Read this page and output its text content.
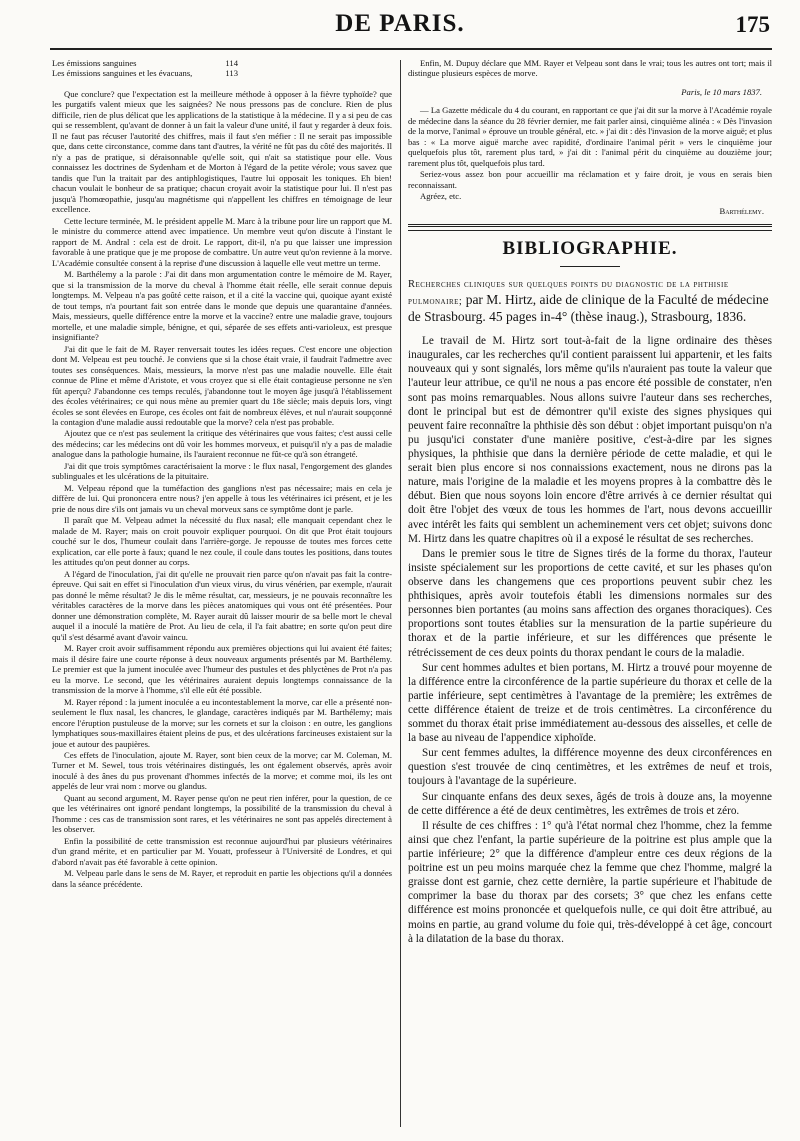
DE PARIS.	175
Les émissions sanguines	114
Les émissions sanguines et les évacuans,	113

Que conclure? que l'expectation est la meilleure méthode à opposer à la fièvre typhoïde? que les purgatifs valent mieux que les saignées? Ne nous pressons pas de conclure. Rien de plus difficile, rien de plus délicat que les applications de la statistique à la médecine. Il y a si peu de cas qui se ressemblent, qu'avant de donner à un fait la valeur d'une unité, il faut y regarder à deux fois. Il ne faut pas récuser l'autorité des chiffres, mais il faut s'en méfier : Il ne serait pas impossible que, dans cette circonstance, comme dans tant d'autres, la vérité ne fût pas du côté des majorités. Il n'y a pas de pratique, si déraisonnable qu'elle soit, qui n'ait sa statistique pour elle. Vous connaissez les doctrines de Sydenham et de Morton à l'égard de la petite vérole; vous savez que tandis que l'un la traitait par des antiphlogistiques, l'autre lui opposait les toniques. Eh bien! chacun voulait le bonheur de sa pratique; chacun croyait avoir la statistique pour lui. Il n'est pas jusqu'à l'homœopathie, jusqu'au magnétisme qui n'appellent les chiffres en témoignage de leur excellence.

Cette lecture terminée, M. le président appelle M. Marc à la tribune pour lire un rapport que M. le ministre du commerce attend avec impatience. Un membre veut qu'on discute à l'instant le rapport de M. Andral : cela est de droit. Le rapport, dit-il, n'a pu que laisser une impression favorable à une pratique que je me propose de combattre. Un autre veut qu'on revienne à la morve. L'Académie consultée consent à la reprise d'une discussion à laquelle elle veut mettre un terme.

M. Barthélemy a la parole : J'ai dit dans mon argumentation contre le mémoire de M. Rayer, que si la transmission de la morve du cheval à l'homme était réelle, elle serait connue depuis longtemps. M. Velpeau n'a pas goûté cette raison, et il a cité la vaccine qui, quoique ayant existé de tout temps, n'a pourtant fait son entrée dans le monde que depuis une quarantaine d'années. Mais, messieurs, quelle différence entre la morve et la vaccine? entre une maladie grave, toujours mortelle, et une maladie simple, bénigne, et qui, séparée de ses effets anti-varioleux, est presque insignifiante?

J'ai dit que le fait de M. Rayer renversait toutes les idées reçues. C'est encore une objection dont M. Velpeau est peu touché. Je conviens que si la chose était vraie, il faudrait l'admettre avec toutes ses conséquences. Mais, messieurs, la morve n'est pas une maladie nouvelle. Elle était connue de Pline et même d'Aristote, et vous croyez que si elle était contagieuse personne ne s'en fût aperçu? J'abandonne ces temps reculés, j'abandonne tout le moyen âge jusqu'à l'établissement des écoles vétérinaires; ce qui nous mène au premier quart du 18e siècle; mais depuis lors, vingt écoles se sont élevées en Europe, ces écoles ont fait de nombreux élèves, et nul n'aurait soupçonné la contagion d'une maladie aussi redoutable que la morve? cela n'est pas probable.

Ajoutez que ce n'est pas seulement la critique des vétérinaires que vous faites; c'est aussi celle des médecins; car les médecins ont dû voir les hommes morveux, et puisqu'il n'y a pas de maladie analogue dans la pathologie humaine, ils l'auraient reconnue ne fût-ce qu'à son étrangeté.

J'ai dit que trois symptômes caractérisaient la morve : le flux nasal, l'engorgement des glandes sublinguales et les ulcérations de la pituitaire.

M. Velpeau répond que la tuméfaction des ganglions n'est pas nécessaire; mais en cela je diffère de lui. Qui prononcera entre nous? j'en appelle à tous les vétérinaires ici présent, et je les prie de nous dire s'ils ont jamais vu un cheval morveux sans ce symptôme dont je parle.

Il paraît que M. Velpeau admet la nécessité du flux nasal; elle manquait cependant chez le malade de M. Rayer; mais on croit pouvoir expliquer pourquoi. On dit que Prot était toujours couché sur le dos, l'humeur coulait dans l'arrière-gorge. Je repousse de toutes mes forces cette explication, car elle porte à faux; quand le nez coule, il coule dans toutes les positions, dans toutes les attitudes qu'on peut donner au corps.

A l'égard de l'inoculation, j'ai dit qu'elle ne prouvait rien parce qu'on n'avait pas fait la contre-épreuve. Qui sait en effet si l'inoculation d'un vieux virus, du virus vénérien, par exemple, n'aurait pas donné le même résultat? Je dis le même résultat, car, messieurs, je ne pouvais reconnaître les véritables caractères de la morve dans les pièces anatomiques qui vous ont été présentées. Pour donner une démonstration complète, M. Rayer aurait dû laisser mourir de sa belle mort le cheval auquel il a inoculé la matière de Prot. Au lieu de cela, il l'a fait abattre; en sorte qu'on peut dire qu'il s'est désarmé avant d'avoir vaincu.

M. Rayer croit avoir suffisamment répondu aux premières objections qui lui avaient été faites; mais il désire faire une courte réponse à deux nouveaux arguments présentés par M. Barthélemy. Le premier est que la jument inoculée avec l'humeur des pustules et des phlyctènes de Prot n'a pas eu la morve. Le second, que les vétérinaires auraient depuis longtemps connaissance de la transmission de la morve à l'homme, s'il elle eût été possible.

M. Rayer répond : la jument inoculée a eu incontestablement la morve, car elle a présenté non-seulement le flux nasal, les chancres, le glandage, caractères indiqués par M. Barthélemy; mais encore l'éruption pustuleuse de la morve; sur les cornets et sur la cloison : en outre, les ganglions lymphatiques sous-maxillaires étaient pleins de pus, et des ulcérations farcineuses existaient sur la joue et autour des paupières.

Ces effets de l'inoculation, ajoute M. Rayer, sont bien ceux de la morve; car M. Coleman, M. Turner et M. Sewel, tous trois vétérinaires distingués, les ont également observés, après avoir inoculé à des ânes du pus provenant d'hommes infectés de la morve; et comme moi, ils les ont appelés de leur vrai nom : morve ou glandus.

Quant au second argument, M. Rayer pense qu'on ne peut rien inférer, pour la question, de ce que les vétérinaires ont ignoré pendant longtemps, la possibilité de la transmission du cheval à l'homme : ces cas de transmission sont rares, et les vétérinaires ne sont pas appelés directement à les observer.

Enfin la possibilité de cette transmission est reconnue aujourd'hui par plusieurs vétérinaires d'un grand mérite, et en particulier par M. Youatt, professeur à l'Université de Londres, et qui d'abord n'avait pas été favorable à cette opinion.

M. Velpeau parle dans le sens de M. Rayer, et reproduit en partie les objections qu'il a données dans la séance précédente.

Enfin, M. Dupuy déclare que MM. Rayer et Velpeau sont dans le vrai; tous les autres ont tort; mais il distingue plusieurs espèces de morve.

Paris, le 10 mars 1837.

— La Gazette médicale du 4 du courant, en rapportant ce que j'ai dit sur la morve à l'Académie royale de médecine dans la séance du 28 février dernier, me fait parler ainsi, cinquième alinéa : « Dès l'invasion de la morve, l'animal » éprouve un trouble général, etc. » j'ai dit : dès l'invasion de la morve aiguë; et plus bas : « La morve aiguë marche avec rapidité, d'ordinaire l'animal périt » vers le cinquième jour quelquefois plus tôt, rarement plus tard, » j'ai dit : l'animal périt du cinquième au douzième jour; rarement plus tôt, quelquefois plus tard.

Seriez-vous assez bon pour accueillir ma réclamation et y faire droit, je vous en serais bien reconnaissant.

Agréez, etc.

Barthélemy.
BIBLIOGRAPHIE.
Recherches cliniques sur quelques points du diagnostic de la phthisie pulmonaire; par M. Hirtz, aide de clinique de la Faculté de médecine de Strasbourg. 45 pages in-4° (thèse inaug.), Strasbourg, 1836.

Le travail de M. Hirtz sort tout-à-fait de la ligne ordinaire des thèses inaugurales, car les recherches qu'il contient paraissent lui appartenir, et les faits nouveaux qui y sont signalés, lors même qu'ils n'auraient pas toute la valeur que l'auteur leur attribue, ce qu'il ne nous a pas encore été possible de constater, n'en sont pas moins remarquables. Nous allons suivre l'auteur dans ses recherches, dont le principal but est de démontrer qu'il existe des signes physiques qui peuvent faire reconnaître la phthisie dès son début : objet important puisqu'on n'a pu jusqu'ici constater d'une manière positive, c'est-à-dire par les signes physiques, la phthisie que dans la dernière période de cette maladie, et qui le serait bien plus encore si nos connaissions exactement, nous ne dirons pas la nature, mais l'origine de la maladie et les moyens propres à la combattre dès le début. Bien que nous soyons loin encore d'être arrivés à ce dernier résultat qui doit être l'objet des vœux de tous les hommes de l'art, nous devons accueillir avec intérêt les faits qui semblent un acheminement vers cet objet; suivons donc M. Hirtz dans les quatre chapitres où il a exposé le résultat de ses recherches.

Dans le premier sous le titre de Signes tirés de la forme du thorax, l'auteur insiste spécialement sur les proportions de cette cavité, et sur les phases qu'on observe dans les changemens que ces proportions peuvent subir chez les phthisiques, après avoir toutefois établi les dimensions normales sur des personnes bien portantes (au moins sans affection des organes thoraciques). Ces proportions sont toutes établies sur la mensuration de la partie supérieure du thorax et de la partie inférieure, et sur les différences que présente le rétrécissement de ces deux points du thorax pendant le cours de la maladie.

Sur cent hommes adultes et bien portans, M. Hirtz a trouvé pour moyenne de la différence entre la circonférence de la partie supérieure du thorax et celle de la partie inférieure, sept centimètres à l'avantage de la première; les extrêmes de cette différence étaient de treize et de trois centimètres. La circonférence du sommet du thorax était prise immédiatement au-dessous des aisselles, et celle de la base au niveau de l'appendice xiphoïde.

Sur cent femmes adultes, la différence moyenne des deux circonférences en question s'est trouvée de cinq centimètres, et les extrêmes de neuf et trois, toujours à l'avantage de la supérieure.

Sur cinquante enfans des deux sexes, âgés de trois à douze ans, la moyenne de cette différence a été de deux centimètres, les extrêmes de trois et zéro.

Il résulte de ces chiffres : 1° qu'à l'état normal chez l'homme, chez la femme ainsi que chez l'enfant, la partie supérieure de la poitrine est plus ample que la partie inférieure; 2° que la différence d'ampleur entre ces deux régions de la poitrine est un peu moins marquée chez la femme que chez l'homme, malgré la graisse dont est garnie, chez cette dernière, la partie supérieure et l'habitude de comprimer la base du thorax par des corsets; 3° que chez les enfans cette différence est moins prononcée et quelquefois nulle, ce qui doit être attribué, au moins en partie, au grand volume du foie qui, très-développé à cet âge, concourt à la dilatation de la base du thorax.
